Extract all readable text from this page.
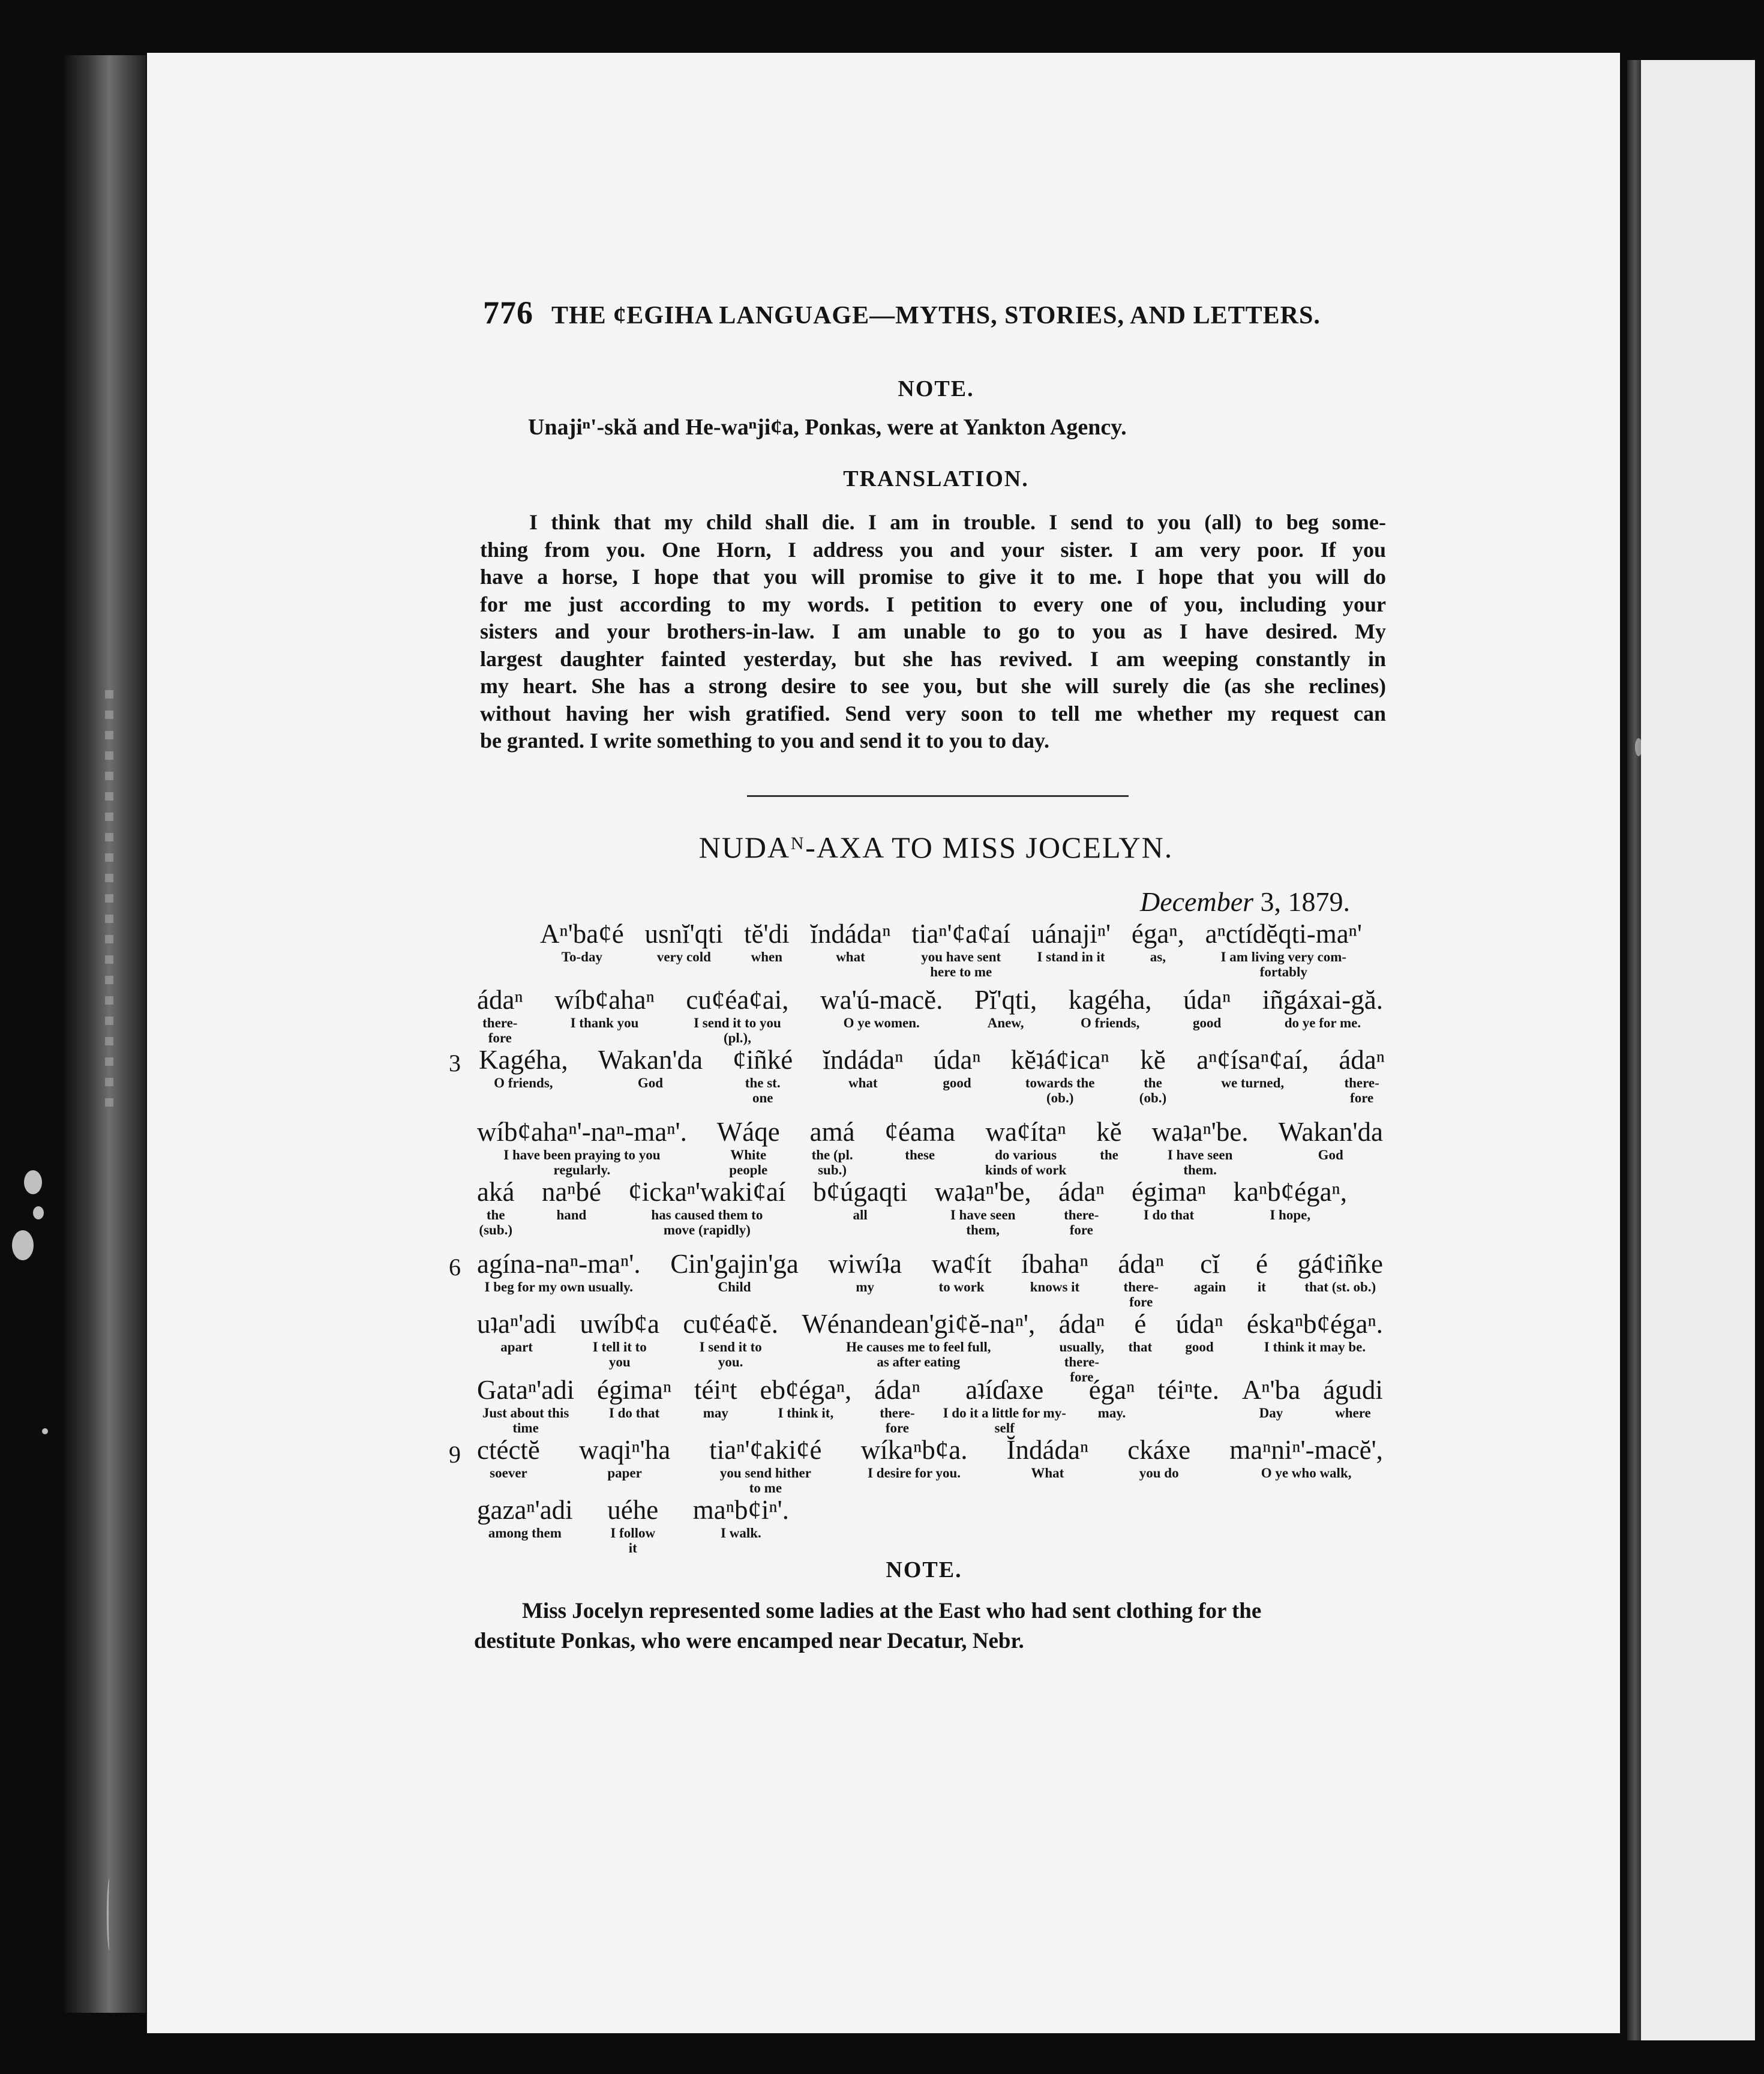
776 THE ȼEGIHA LANGUAGE—MYTHS, STORIES, AND LETTERS.
NOTE.
Unajiⁿ'-skă and He-waⁿjiȼa, Ponkas, were at Yankton Agency.
TRANSLATION.
I think that my child shall die. I am in trouble. I send to you (all) to beg some-
thing from you. One Horn, I address you and your sister. I am very poor. If you
have a horse, I hope that you will promise to give it to me. I hope that you will do
for me just according to my words. I petition to every one of you, including your
sisters and your brothers-in-law. I am unable to go to you as I have desired. My
largest daughter fainted yesterday, but she has revived. I am weeping constantly in
my heart. She has a strong desire to see you, but she will surely die (as she reclines)
without having her wish gratified. Send very soon to tell me whether my request can
be granted. I write something to you and send it to you to day.
NUDAᴺ-AXA TO MISS JOCELYN.
December 3, 1879.
3
6
9
Aⁿ'baȼé
To-day
usnĭ'qti
very cold
tĕ'di
when
ĭndádaⁿ
what
tiaⁿ'ȼaȼaí
you have sent
here to me
uánajiⁿ'
I stand in it
égaⁿ,
as,
aⁿctídĕqti-maⁿ'
I am living very com-
fortably
ádaⁿ
there-
fore
wíbȼahaⁿ
I thank you
cuȼéaȼai,
I send it to you
(pl.),
wa'ú-macĕ.
O ye women.
Pĭ'qti,
Anew,
kagéha,
O friends,
údaⁿ
good
iñgáxai-gă.
do ye for me.
Kagéha,
O friends,
Wakan'da
God
ȼiñké
the st.
one
ĭndádaⁿ
what
údaⁿ
good
kĕʇáȼicaⁿ
towards the
(ob.)
kĕ
the
(ob.)
aⁿȼísaⁿȼaí,
we turned,
ádaⁿ
there-
fore
wíbȼahaⁿ'-naⁿ-maⁿ'.
I have been praying to you
regularly.
Wáqe
White
people
amá
the (pl.
sub.)
ȼéama
these
waȼítaⁿ
do various
kinds of work
kĕ
the
waʇaⁿ'be.
I have seen
them.
Wakan'da
God
aká
the
(sub.)
naⁿbé
hand
ȼickaⁿ'wakiȼaí
has caused them to
move (rapidly)
bȼúgaqti
all
waʇaⁿ'be,
I have seen
them,
ádaⁿ
there-
fore
égimaⁿ
I do that
kaⁿbȼégaⁿ,
I hope,
agína-naⁿ-maⁿ'.
I beg for my own usually.
Cin'gajin'ga
Child
wiwíʇa
my
waȼít
to work
íbahaⁿ
knows it
ádaⁿ
there-
fore
cĭ
again
é
it
gáȼiñke
that (st. ob.)
uʇaⁿ'adi
apart
uwíbȼa
I tell it to
you
cuȼéaȼĕ.
I send it to
you.
Wénandean'giȼĕ-naⁿ',
He causes me to feel full,
as after eating
ádaⁿ
usually,
there-
fore
é
that
údaⁿ
good
éskaⁿbȼégaⁿ.
I think it may be.
Gataⁿ'adi
Just about this
time
égimaⁿ
I do that
téiⁿt
may
ebȼégaⁿ,
I think it,
ádaⁿ
there-
fore
aʇíɗaxe
I do it a little for my-
self
égaⁿ
may.
téiⁿte. Aⁿ'ba
Day
águdi
where
ctéctĕ
soever
waqiⁿ'ha
paper
tiaⁿ'ȼakiȼé
you send hither
to me
wíkaⁿbȼa.
I desire for you.
Ĭndádaⁿ
What
ckáxe
you do
maⁿniⁿ'-macĕ',
O ye who walk,
gazaⁿ'adi
among them
uéhe
I follow
it
maⁿbȼiⁿ'.
I walk.
NOTE.
Miss Jocelyn represented some ladies at the East who had sent clothing for the
destitute Ponkas, who were encamped near Decatur, Nebr.
